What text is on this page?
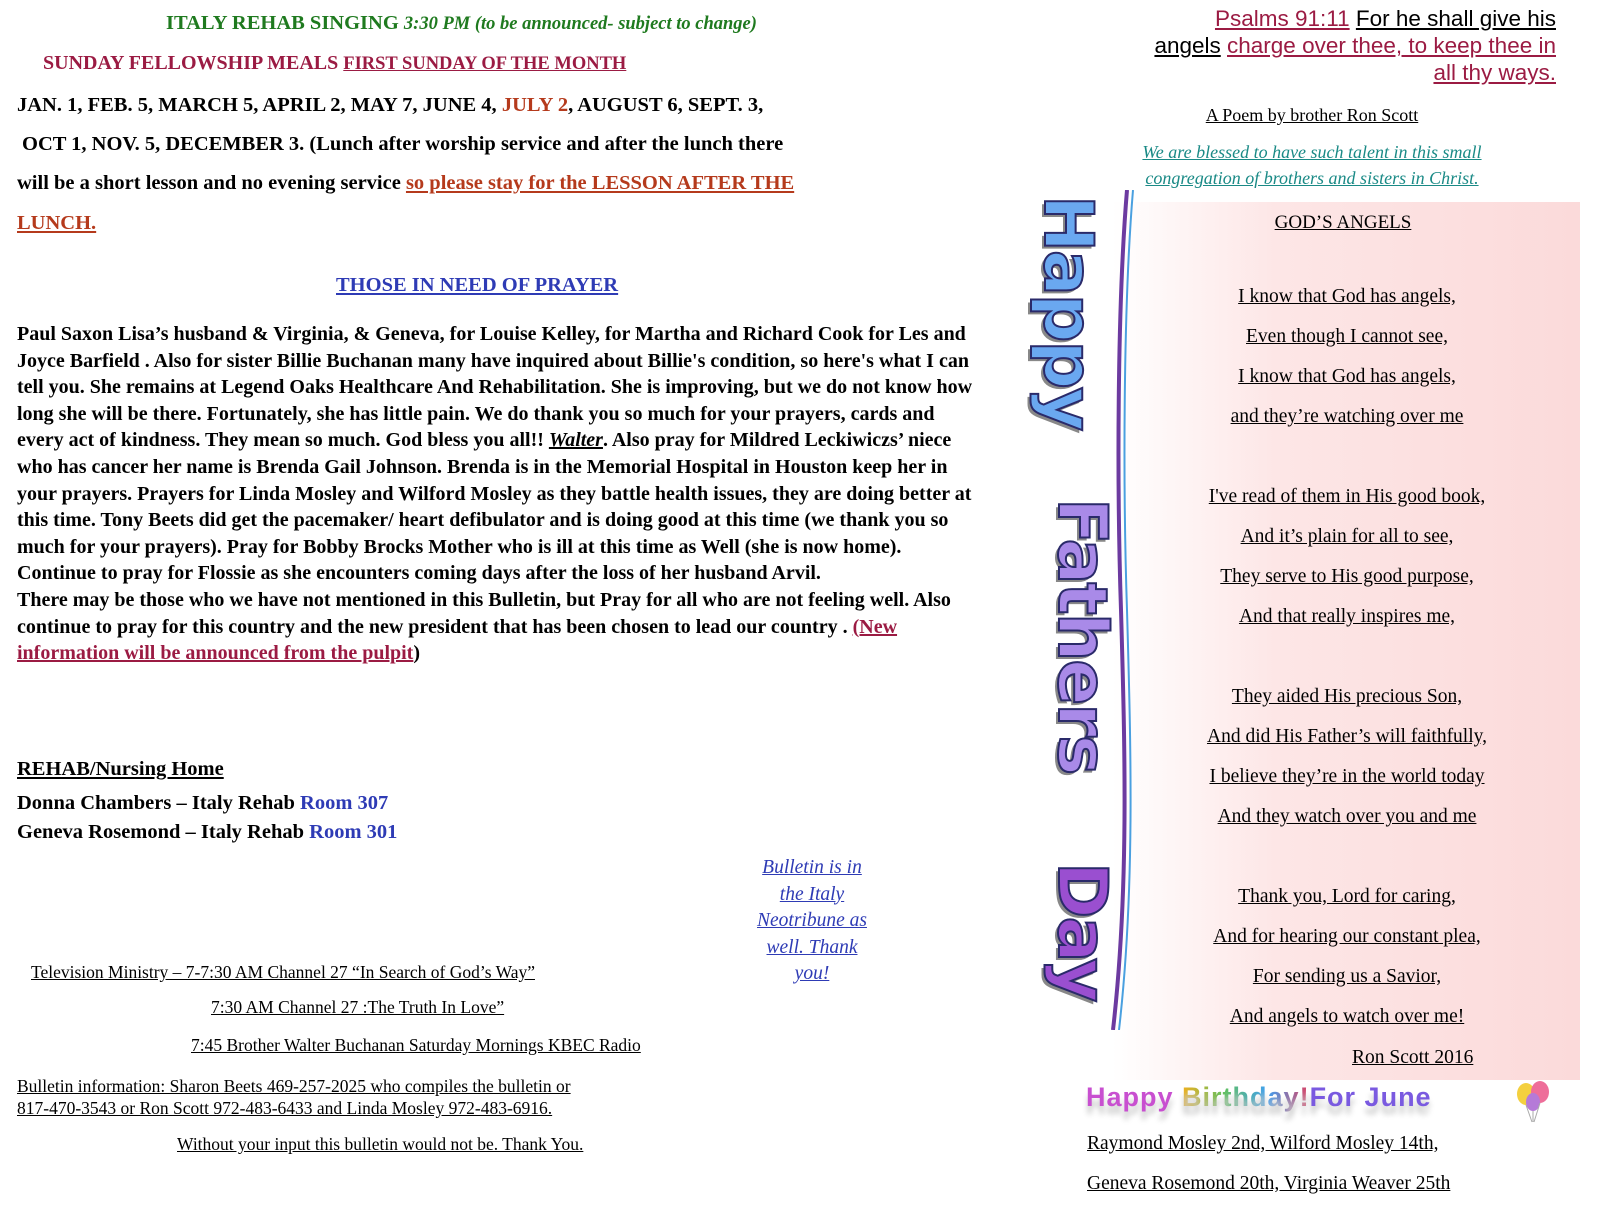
ITALY REHAB SINGING 3:30 PM (to be announced- subject to change)
SUNDAY FELLOWSHIP MEALS FIRST SUNDAY OF THE MONTH
JAN. 1, FEB. 5, MARCH 5, APRIL 2, MAY 7, JUNE 4, JULY 2, AUGUST 6, SEPT. 3,
OCT 1, NOV. 5, DECEMBER 3. (Lunch after worship service and after the lunch there
will be a short lesson and no evening service so please stay for the LESSON AFTER THE
LUNCH.
THOSE IN NEED OF PRAYER
Paul Saxon Lisa’s husband & Virginia, & Geneva, for Louise Kelley, for Martha and Richard Cook for Les and Joyce Barfield . Also for sister Billie Buchanan many have inquired about Billie's condition, so here's what I can tell you. She remains at Legend Oaks Healthcare And Rehabilitation. She is improving, but we do not know how long she will be there. Fortunately, she has little pain. We do thank you so much for your prayers, cards and every act of kindness. They mean so much. God bless you all!! Walter. Also pray for Mildred Leckiwiczs’ niece who has cancer her name is Brenda Gail Johnson. Brenda is in the Memorial Hospital in Houston keep her in your prayers. Prayers for Linda Mosley and Wilford Mosley as they battle health issues, they are doing better at this time. Tony Beets did get the pacemaker/ heart defibulator and is doing good at this time (we thank you so much for your prayers). Pray for Bobby Brocks Mother who is ill at this time as Well (she is now home). Continue to pray for Flossie as she encounters coming days after the loss of her husband Arvil.
There may be those who we have not mentioned in this Bulletin, but Pray for all who are not feeling well. Also continue to pray for this country and the new president that has been chosen to lead our country . (New information will be announced from the pulpit)
REHAB/Nursing Home
Donna Chambers – Italy Rehab Room 307
Geneva Rosemond – Italy Rehab Room 301
Bulletin is in
the Italy
Neotribune as
well. Thank
you!
Television Ministry – 7-7:30 AM Channel 27 “In Search of God’s Way”
7:30 AM Channel 27 :The Truth In Love”
7:45 Brother Walter Buchanan Saturday Mornings KBEC Radio
Bulletin information: Sharon Beets 469-257-2025 who compiles the bulletin or
817-470-3543 or Ron Scott 972-483-6433 and Linda Mosley 972-483-6916.
Without your input this bulletin would not be. Thank You.
Psalms 91:11 For he shall give his
angels charge over thee, to keep thee in
all thy ways.
A Poem by brother Ron Scott
We are blessed to have such talent in this small
congregation of brothers and sisters in Christ.
Happy
Fathers
Day
GOD’S ANGELS
I know that God has angels,
Even though I cannot see,
I know that God has angels,
and they’re watching over me
I've read of them in His good book,
And it’s plain for all to see,
They serve to His good purpose,
And that really inspires me,
They aided His precious Son,
And did His Father’s will faithfully,
I believe they’re in the world today
And they watch over you and me
Thank you, Lord for caring,
And for hearing our constant plea,
For sending us a Savior,
And angels to watch over me!
Ron Scott 2016
Happy Birthday!For June
Raymond Mosley 2nd, Wilford Mosley 14th,
Geneva Rosemond 20th, Virginia Weaver 25th
